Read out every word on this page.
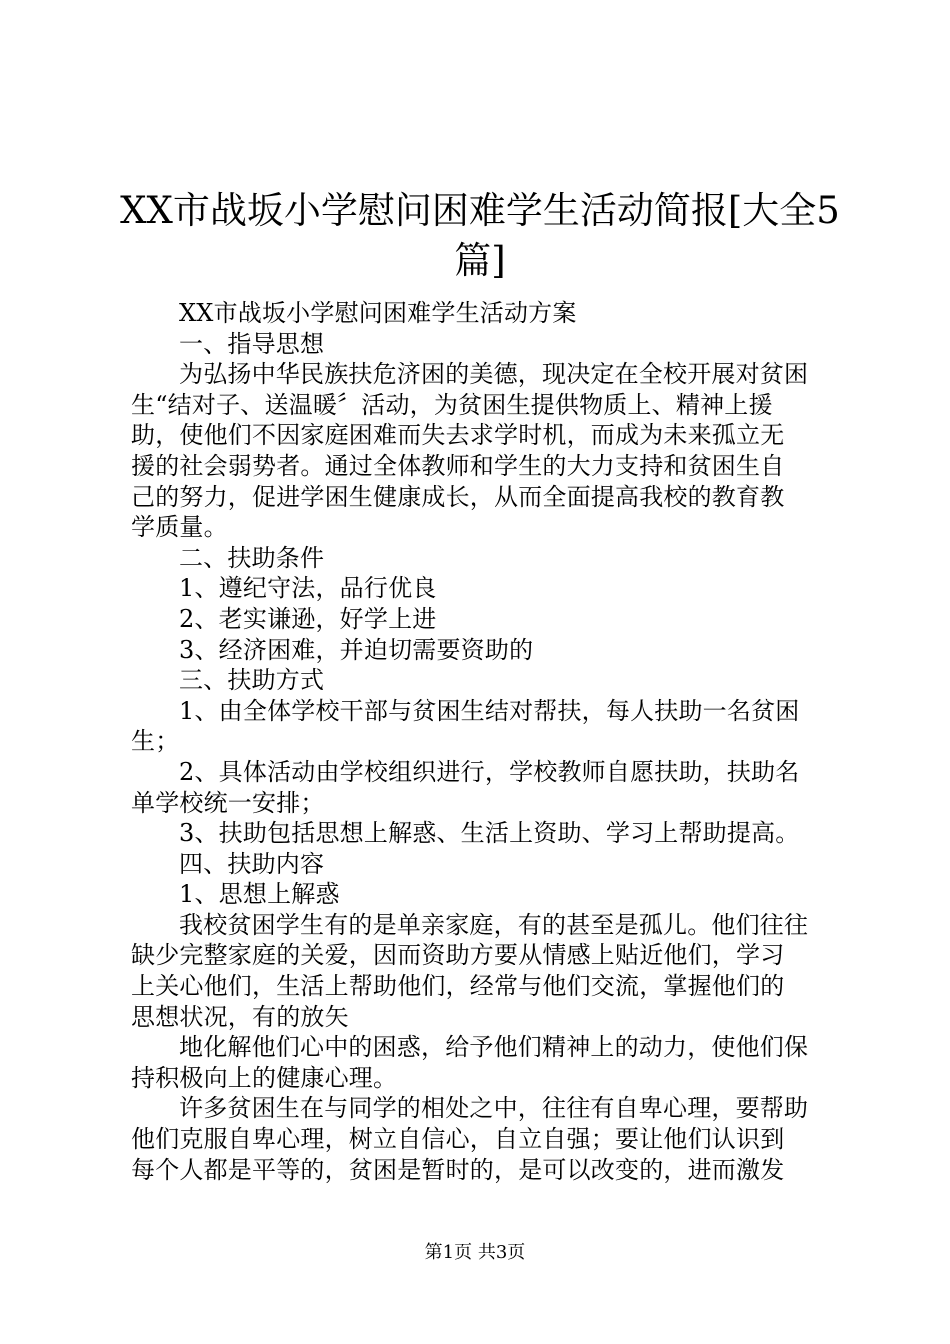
XX市战坂小学慰问困难学生活动简报[大全5
篇]
XX市战坂小学慰问困难学生活动方案
一、指导思想
为弘扬中华民族扶危济困的美德，现决定在全校开展对贫困
生“结对子、送温暖〞活动，为贫困生提供物质上、精神上援
助，使他们不因家庭困难而失去求学时机，而成为未来孤立无
援的社会弱势者。通过全体教师和学生的大力支持和贫困生自
己的努力，促进学困生健康成长，从而全面提高我校的教育教
学质量。
二、扶助条件
1、遵纪守法，品行优良
2、老实谦逊，好学上进
3、经济困难，并迫切需要资助的
三、扶助方式
1、由全体学校干部与贫困生结对帮扶，每人扶助一名贫困
生；
2、具体活动由学校组织进行，学校教师自愿扶助，扶助名
单学校统一安排；
3、扶助包括思想上解惑、生活上资助、学习上帮助提高。
四、扶助内容
1、思想上解惑
我校贫困学生有的是单亲家庭，有的甚至是孤儿。他们往往
缺少完整家庭的关爱，因而资助方要从情感上贴近他们，学习
上关心他们，生活上帮助他们，经常与他们交流，掌握他们的
思想状况，有的放矢
地化解他们心中的困惑，给予他们精神上的动力，使他们保
持积极向上的健康心理。
许多贫困生在与同学的相处之中，往往有自卑心理，要帮助
他们克服自卑心理，树立自信心，自立自强；要让他们认识到
每个人都是平等的，贫困是暂时的，是可以改变的，进而激发
第1页 共3页
